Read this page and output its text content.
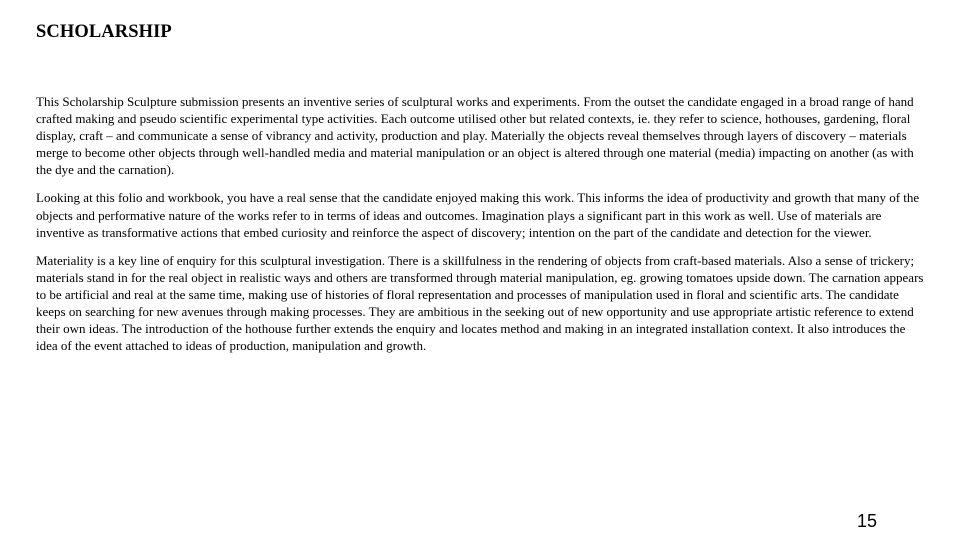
SCHOLARSHIP

This Scholarship Sculpture submission presents an inventive series of sculptural works and experiments. From the outset the candidate engaged in a broad range of hand crafted making and pseudo scientific experimental type activities. Each outcome utilised other but related contexts, ie. they refer to science, hothouses, gardening, floral display, craft – and communicate a sense of vibrancy and activity, production and play. Materially the objects reveal themselves through layers of discovery – materials merge to become other objects through well-handled media and material manipulation or an object is altered through one material (media) impacting on another (as with the dye and the carnation).

Looking at this folio and workbook, you have a real sense that the candidate enjoyed making this work. This informs the idea of productivity and growth that many of the objects and performative nature of the works refer to in terms of ideas and outcomes. Imagination plays a significant part in this work as well. Use of materials are inventive as transformative actions that embed curiosity and reinforce the aspect of discovery; intention on the part of the candidate and detection for the viewer.

Materiality is a key line of enquiry for this sculptural investigation. There is a skillfulness in the rendering of objects from craft-based materials. Also a sense of trickery; materials stand in for the real object in realistic ways and others are transformed through material manipulation, eg. growing tomatoes upside down. The carnation appears to be artificial and real at the same time, making use of histories of floral representation and processes of manipulation used in floral and scientific arts. The candidate keeps on searching for new avenues through making processes. They are ambitious in the seeking out of new opportunity and use appropriate artistic reference to extend their own ideas. The introduction of the hothouse further extends the enquiry and locates method and making in an integrated installation context. It also introduces the idea of the event attached to ideas of production, manipulation and growth.

15
